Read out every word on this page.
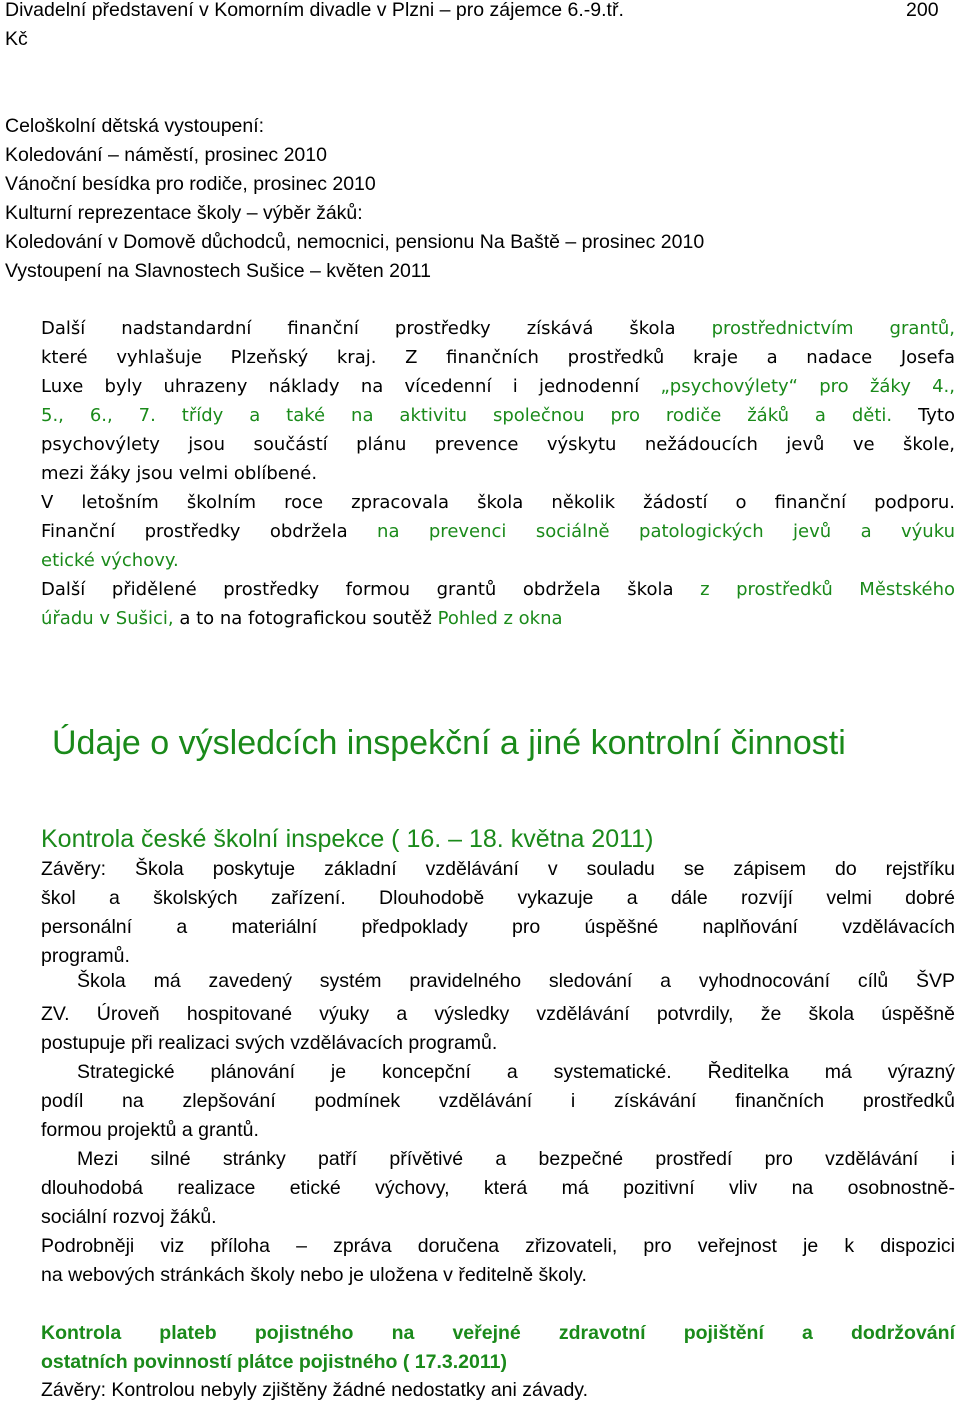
Divadelní představení v Komorním divadle v Plzni – pro zájemce 6.-9.tř.	200
Kč
Celoškolní dětská vystoupení:
Koledování – náměstí, prosinec 2010
Vánoční besídka pro rodiče, prosinec 2010
Kulturní reprezentace školy – výběr žáků:
Koledování v Domově důchodců, nemocnici, pensionu Na Baště – prosinec 2010
Vystoupení na Slavnostech Sušice – květen 2011
Další nadstandardní finanční prostředky získává škola prostřednictvím grantů,
které vyhlašuje Plzeňský kraj. Z finančních prostředků kraje a nadace Josefa
Luxe byly uhrazeny náklady na vícedenní i jednodenní „psychovýlety“ pro žáky 4.,
5., 6., 7. třídy a také na aktivitu společnou pro rodiče žáků a děti. Tyto
psychovýlety jsou součástí plánu prevence výskytu nežádoucích jevů ve škole,
mezi žáky jsou velmi oblíbené.
V letošním školním roce zpracovala škola několik žádostí o finanční podporu.
Finanční prostředky obdržela na prevenci sociálně patologických jevů a výuku
etické výchovy.
Další přidělené prostředky formou grantů obdržela škola z prostředků Městského
úřadu v Sušici, a to na fotografickou soutěž Pohled z okna
Údaje o výsledcích inspekční a jiné kontrolní činnosti
Kontrola české školní inspekce ( 16. – 18. května 2011)
Závěry: Škola poskytuje základní vzdělávání v souladu se zápisem do rejstříku
škol a školských zařízení. Dlouhodobě vykazuje a dále rozvíjí velmi dobré
personální a materiální předpoklady pro úspěšné naplňování vzdělávacích
programů.
Škola má zavedený systém pravidelného sledování a vyhodnocování cílů ŠVP
ZV. Úroveň hospitované výuky a výsledky vzdělávání potvrdily, že škola úspěšně
postupuje při realizaci svých vzdělávacích programů.
Strategické plánování je koncepční a systematické. Ředitelka má výrazný
podíl na zlepšování podmínek vzdělávání i získávání finančních prostředků
formou projektů a grantů.
Mezi silné stránky patří přívětivé a bezpečné prostředí pro vzdělávání i
dlouhodobá realizace etické výchovy, která má pozitivní vliv na osobnostně-
sociální rozvoj žáků.
Podrobněji viz příloha – zpráva doručena zřizovateli, pro veřejnost je k dispozici
na webových stránkách školy nebo je uložena v ředitelně školy.
Kontrola plateb pojistného na veřejné zdravotní pojištění a dodržování
ostatních povinností plátce pojistného ( 17.3.2011)
Závěry: Kontrolou nebyly zjištěny žádné nedostatky ani závady.
